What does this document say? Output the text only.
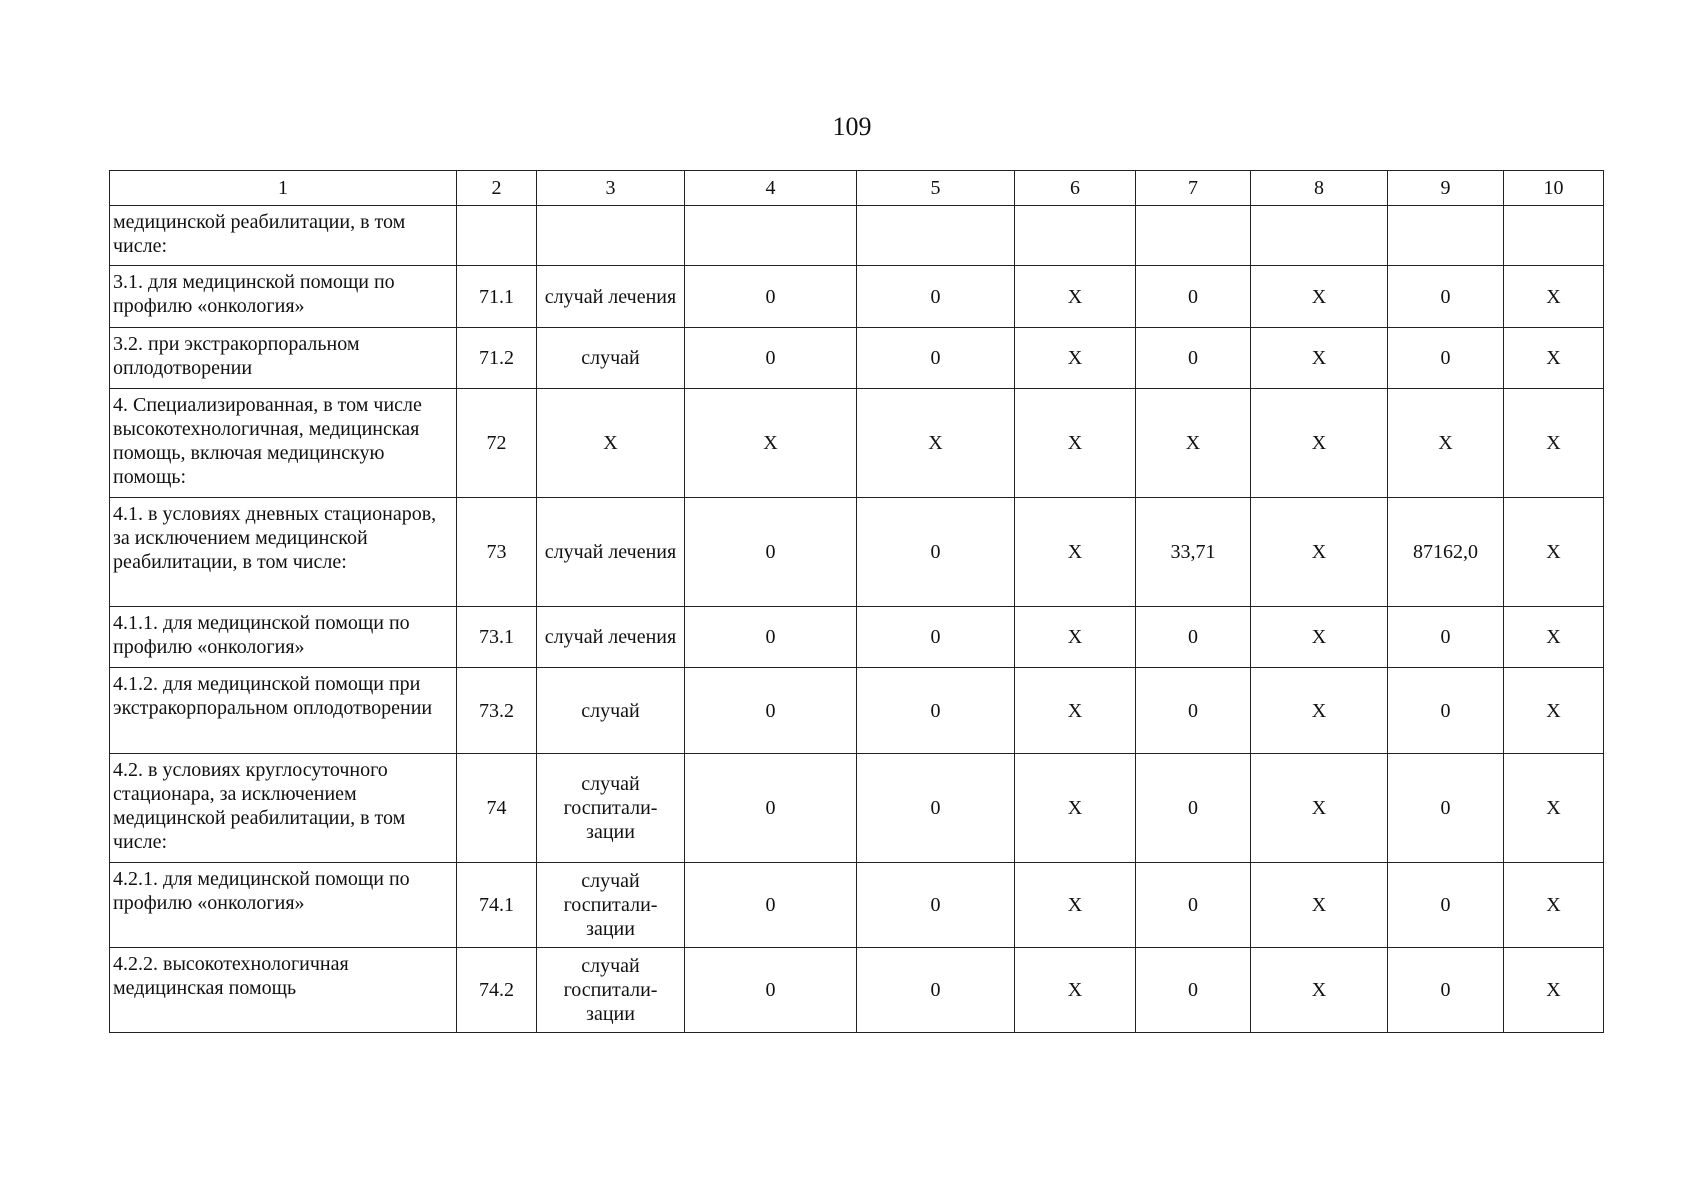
109
1	2	3	4	5	6	7	8	9	10
медицинской реабилитации, в том числе:									
3.1. для медицинской помощи по профилю «онкология»	71.1	случай лечения	0	0	X	0	X	0	X
3.2. при экстракорпоральном оплодотворении	71.2	случай	0	0	X	0	X	0	X
4. Специализированная, в том числе высокотехнологичная, медицинская помощь, включая медицинскую помощь:	72	X	X	X	X	X	X	X	X
4.1. в условиях дневных стационаров, за исключением медицинской реабилитации, в том числе:	73	случай лечения	0	0	X	33,71	X	87162,0	X
4.1.1. для медицинской помощи по профилю «онкология»	73.1	случай лечения	0	0	X	0	X	0	X
4.1.2. для медицинской помощи при экстракорпоральном оплодотворении	73.2	случай	0	0	X	0	X	0	X
4.2. в условиях круглосуточного стационара, за исключением медицинской реабилитации, в том числе:	74	случай госпитали-зации	0	0	X	0	X	0	X
4.2.1. для медицинской помощи по профилю «онкология»	74.1	случай госпитали-зации	0	0	X	0	X	0	X
4.2.2. высокотехнологичная медицинская помощь	74.2	случай госпитали-зации	0	0	X	0	X	0	X
